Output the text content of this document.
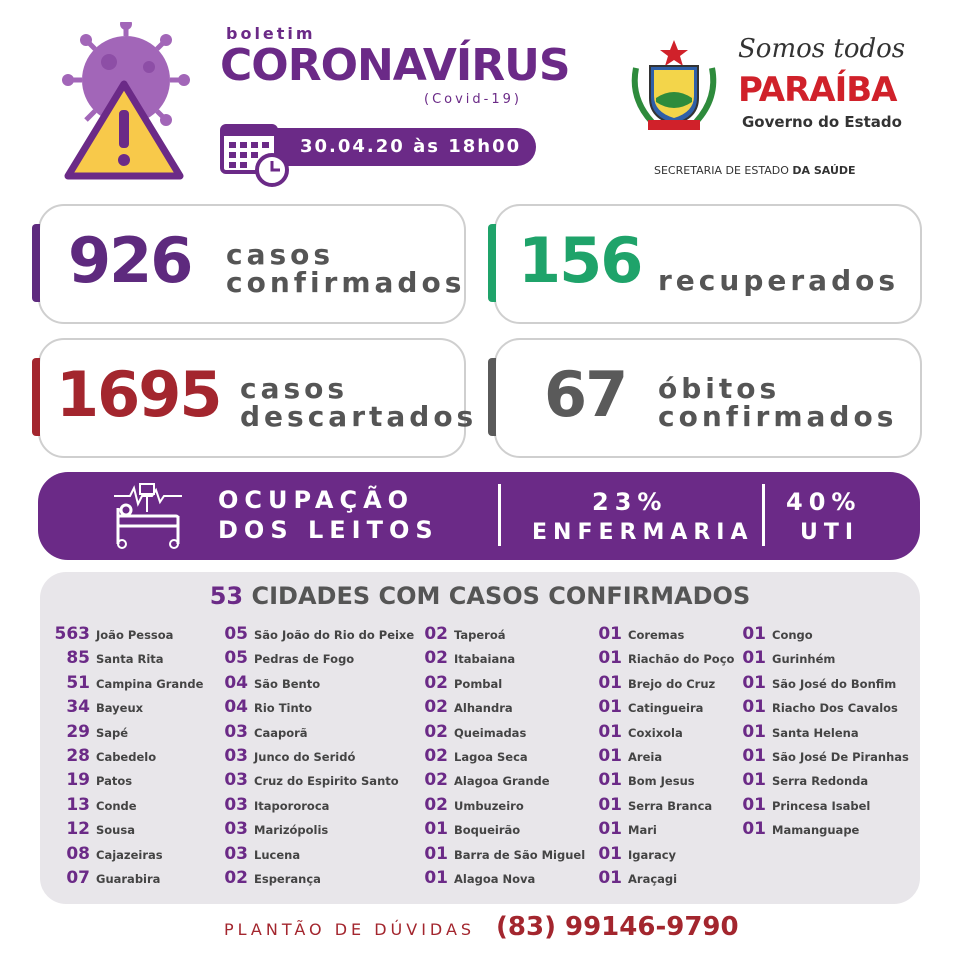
boletim
CORONAVÍRUS
(Covid-19)
30.04.20 às 18h00
Somos todos
PARAÍBA
Governo do Estado
SECRETARIA DE ESTADO DA SAÚDE
926 casos
confirmados 156 recuperados
1695 casos
descartados 67 óbitos
confirmados
OCUPAÇÃO
DOS LEITOS
23%
ENFERMARIA
40%
UTI
53 CIDADES COM CASOS CONFIRMADOS
563 João Pessoa
85 Santa Rita
51 Campina Grande
34 Bayeux
29 Sapé
28 Cabedelo
19 Patos
13 Conde
12 Sousa
08 Cajazeiras
07 Guarabira
05 São João do Rio do Peixe
05 Pedras de Fogo
04 São Bento
04 Rio Tinto
03 Caaporã
03 Junco do Seridó
03 Cruz do Espirito Santo
03 Itapororoca
03 Marizópolis
03 Lucena
02 Esperança
02 Taperoá
02 Itabaiana
02 Pombal
02 Alhandra
02 Queimadas
02 Lagoa Seca
02 Alagoa Grande
02 Umbuzeiro
01 Boqueirão
01 Barra de São Miguel
01 Alagoa Nova
01 Coremas
01 Riachão do Poço
01 Brejo do Cruz
01 Catingueira
01 Coxixola
01 Areia
01 Bom Jesus
01 Serra Branca
01 Mari
01 Igaracy
01 Araçagi
01 Congo
01 Gurinhém
01 São José do Bonfim
01 Riacho Dos Cavalos
01 Santa Helena
01 São José De Piranhas
01 Serra Redonda
01 Princesa Isabel
01 Mamanguape
PLANTÃO DE DÚVIDAS (83) 99146-9790
